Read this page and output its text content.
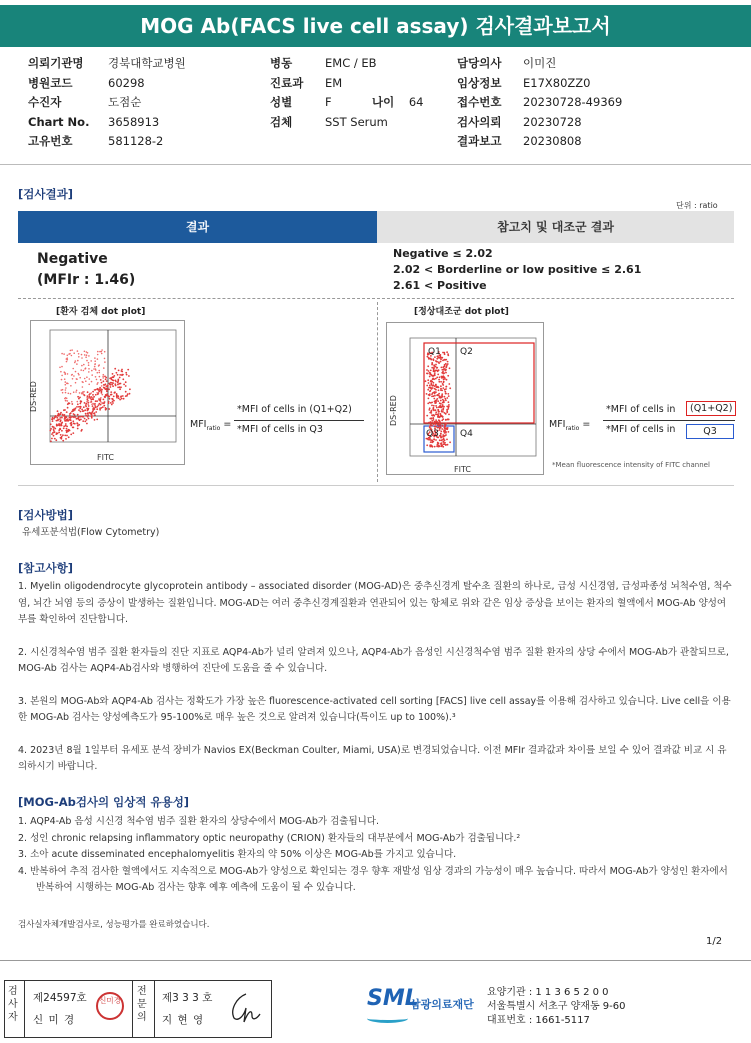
MOG Ab(FACS live cell assay) 검사결과보고서
의뢰기관명 경북대학교병원
병원코드	60298
수진자	도점순
Chart No. 3658913
고유번호	581128-2
병동	EMC / EB
진료과 EM
성별	F
검체	SST Serum
나이 64
담당의사 이미진
임상정보 E17X80ZZ0
접수번호 20230728-49369
검사의뢰 20230728
결과보고 20230808
[검사결과]
단위 : ratio
결과	참고치 및 대조군 결과
Negative
(MFIr : 1.46)
Negative ≤ 2.02
2.02 < Borderline or low positive ≤ 2.61
2.61 < Positive
[환자 검체 dot plot]
DS-RED
FITC
$MFI_{ratio}$ =
*MFI of cells in (Q1+Q2)
*MFI of cells in Q3
[정상대조군 dot plot]
Q1 Q2
Q3 Q4
DS-RED
FITC
$MFI_{ratio}$ =
*MFI of cells in	(Q1+Q2)
*MFI of cells in	Q3
*Mean fluorescence intensity of FITC channel
[검사방법]
유세포분석법(Flow Cytometry)
[참고사항]
1. Myelin oligodendrocyte glycoprotein antibody – associated disorder (MOG-AD)은 중추신경계 탈수초 질환의 하나로, 급성 시신경염, 급성파종성 뇌척수염, 척수염, 뇌간 뇌염 등의 증상이 발생하는 질환입니다. MOG-AD는 여러 중추신경계질환과 연관되어 있는 항체로 위와 같은 임상 증상을 보이는 환자의 혈액에서 MOG-Ab 양성여부를 확인하여 진단합니다.
2. 시신경척수염 범주 질환 환자들의 진단 지표로 AQP4-Ab가 널리 알려져 있으나, AQP4-Ab가 음성인 시신경척수염 범주 질환 환자의 상당 수에서 MOG-Ab가 관찰되므로, MOG-Ab 검사는 AQP4-Ab검사와 병행하여 진단에 도움을 줄 수 있습니다.
3. 본원의 MOG-Ab와 AQP4-Ab 검사는 정확도가 가장 높은 fluorescence-activated cell sorting [FACS] live cell assay를 이용해 검사하고 있습니다. Live cell을 이용한 MOG-Ab 검사는 양성예측도가 95-100%로 매우 높은 것으로 알려져 있습니다(특이도 up to 100%).³
4. 2023년 8월 1일부터 유세포 분석 장비가 Navios EX(Beckman Coulter, Miami, USA)로 변경되었습니다. 이전 MFIr 결과값과 차이를 보일 수 있어 결과값 비교 시 유의하시기 바랍니다.
[MOG-Ab검사의 임상적 유용성]
1. AQP4-Ab 음성 시신경 척수염 범주 질환 환자의 상당수에서 MOG-Ab가 검출됩니다.
2. 성인 chronic relapsing inflammatory optic neuropathy (CRION) 환자들의 대부분에서 MOG-Ab가 검출됩니다.²
3. 소아 acute disseminated encephalomyelitis 환자의 약 50% 이상은 MOG-Ab를 가지고 있습니다.
4. 반복하여 추적 검사한 혈액에서도 지속적으로 MOG-Ab가 양성으로 확인되는 경우 향후 재발성 임상 경과의 가능성이 매우 높습니다. 따라서 MOG-Ab가 양성인 환자에서 반복하여 시행하는 MOG-Ab 검사는 향후 예후 예측에 도움이 될 수 있습니다.
검사실자체개발검사로, 성능평가를 완료하였습니다.
1/2
검사자
제24597호
신 미 경
신미경
전문의
제3 3 3 호
지 현 영
SML
삼광의료재단
요양기관 : 1 1 3 6 5 2 0 0
서울특별시 서초구 양재동 9-60
대표번호 : 1661-5117
